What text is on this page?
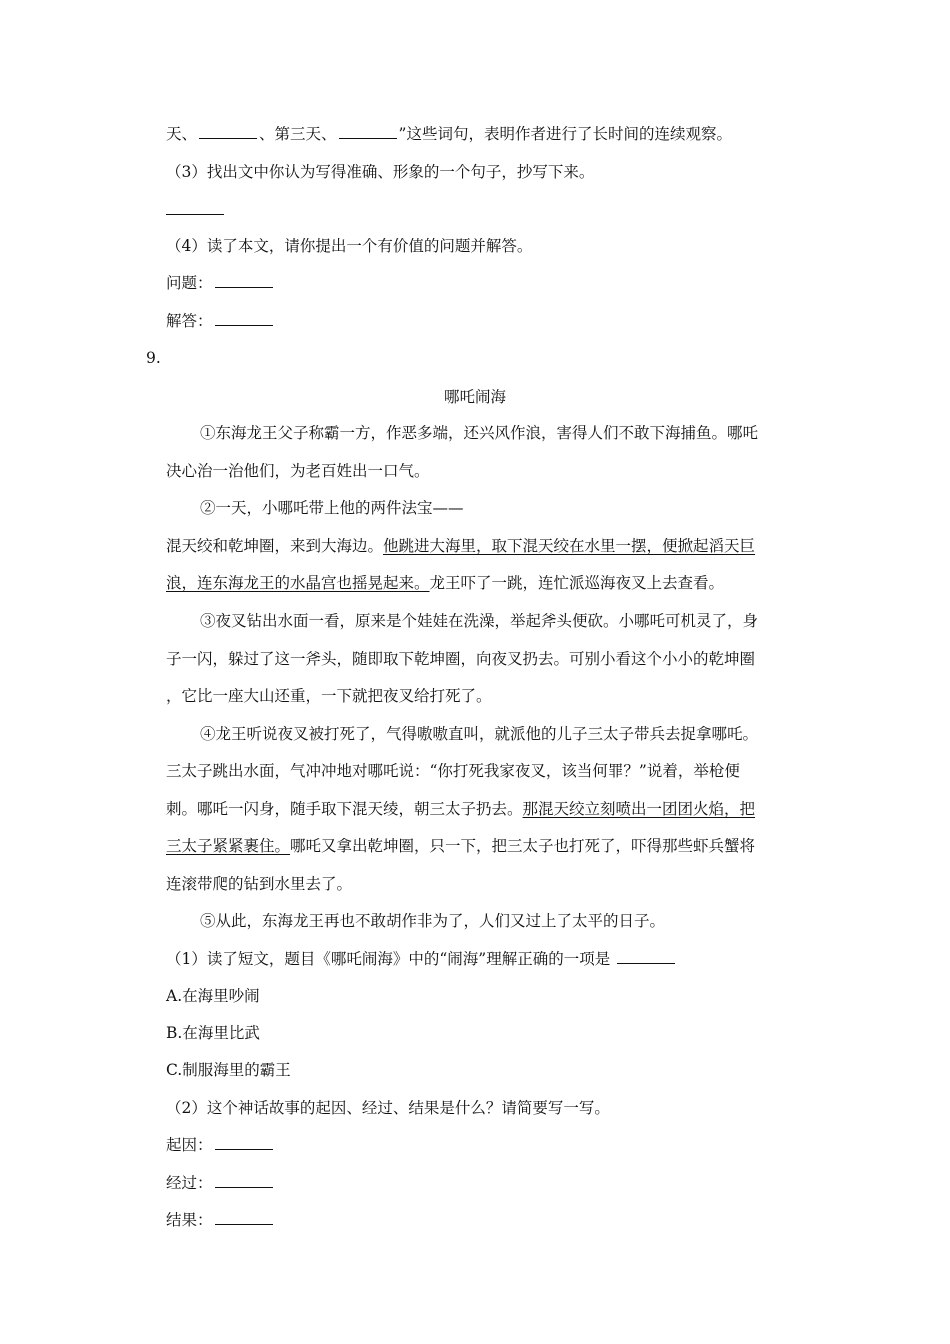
天、	、第三天、	”这些词句，表明作者进行了长时间的连续观察。
（3）找出文中你认为写得准确、形象的一个句子，抄写下来。
（4）读了本文，请你提出一个有价值的问题并解答。
问题：
解答：
9.
哪吒闹海
①东海龙王父子称霸一方，作恶多端，还兴风作浪，害得人们不敢下海捕鱼。哪吒
决心治一治他们，为老百姓出一口气。
②一天，小哪吒带上他的两件法宝——
混天绞和乾坤圈，来到大海边。他跳进大海里，取下混天绞在水里一摆，便掀起滔天巨
浪，连东海龙王的水晶宫也摇晃起来。龙王吓了一跳，连忙派巡海夜叉上去查看。
③夜叉钻出水面一看，原来是个娃娃在洗澡，举起斧头便砍。小哪吒可机灵了，身
子一闪，躲过了这一斧头，随即取下乾坤圈，向夜叉扔去。可别小看这个小小的乾坤圈
，它比一座大山还重，一下就把夜叉给打死了。
④龙王听说夜叉被打死了，气得嗷嗷直叫，就派他的儿子三太子带兵去捉拿哪吒。
三太子跳出水面，气冲冲地对哪吒说：“你打死我家夜叉，该当何罪？”说着，举枪便
刺。哪吒一闪身，随手取下混天绫，朝三太子扔去。那混天绞立刻喷出一团团火焰，把
三太子紧紧裹住。哪吒又拿出乾坤圈，只一下，把三太子也打死了，吓得那些虾兵蟹将
连滚带爬的钻到水里去了。
⑤从此，东海龙王再也不敢胡作非为了，人们又过上了太平的日子。
（1）读了短文，题目《哪吒闹海》中的“闹海”理解正确的一项是
A.在海里吵闹
B.在海里比武
C.制服海里的霸王
（2）这个神话故事的起因、经过、结果是什么？请简要写一写。
起因：
经过：
结果：
